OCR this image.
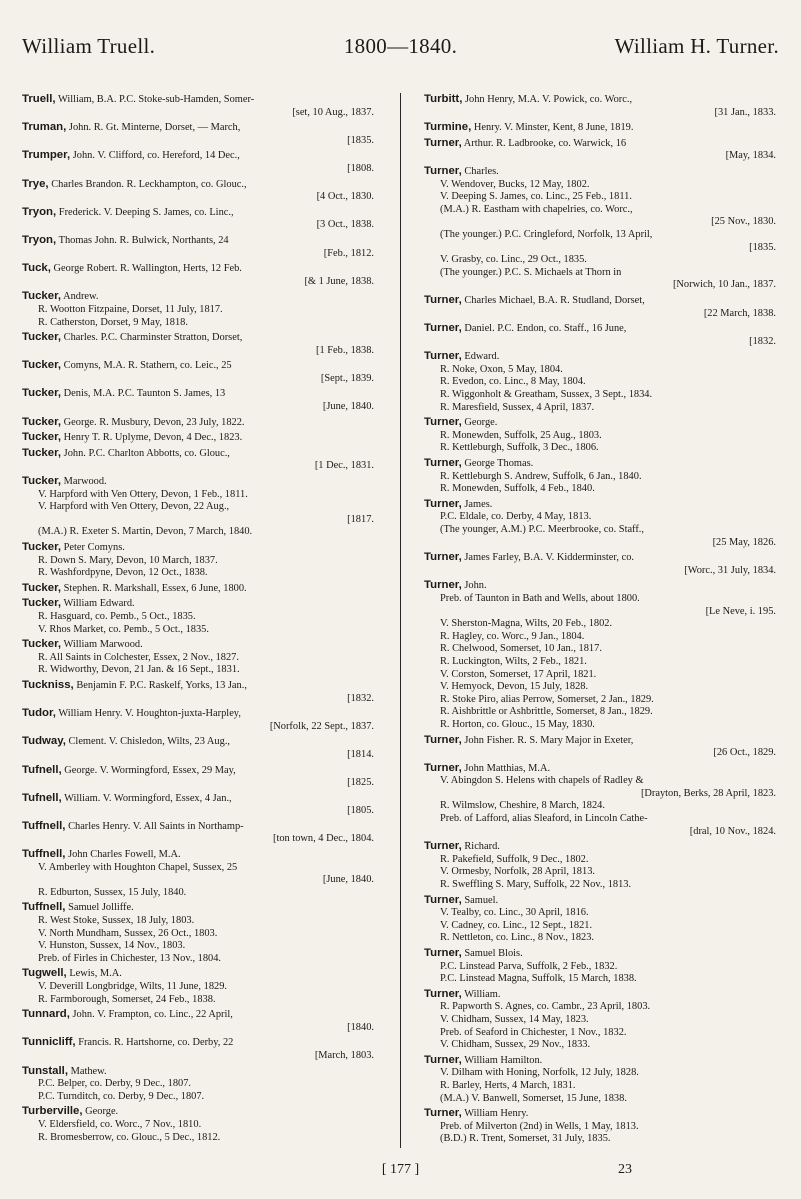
William Truell.	1800—1840.	William H. Turner.
Truell, William, B.A. P.C. Stoke-sub-Hamden, Somer-
[set, 10 Aug., 1837.
Truman, John. R. Gt. Minterne, Dorset, — March,
[1835.
Trumper, John. V. Clifford, co. Hereford, 14 Dec.,
[1808.
Trye, Charles Brandon. R. Leckhampton, co. Glouc.,
[4 Oct., 1830.
Tryon, Frederick. V. Deeping S. James, co. Linc.,
[3 Oct., 1838.
Tryon, Thomas John. R. Bulwick, Northants, 24
[Feb., 1812.
Tuck, George Robert. R. Wallington, Herts, 12 Feb.
[& 1 June, 1838.
Tucker, Andrew.
R. Wootton Fitzpaine, Dorset, 11 July, 1817.
R. Catherston, Dorset, 9 May, 1818.
Tucker, Charles. P.C. Charminster Stratton, Dorset,
[1 Feb., 1838.
Tucker, Comyns, M.A. R. Stathern, co. Leic., 25
[Sept., 1839.
Tucker, Denis, M.A. P.C. Taunton S. James, 13
[June, 1840.
Tucker, George. R. Musbury, Devon, 23 July, 1822.
Tucker, Henry T. R. Uplyme, Devon, 4 Dec., 1823.
Tucker, John. P.C. Charlton Abbotts, co. Glouc.,
[1 Dec., 1831.
Tucker, Marwood.
V. Harpford with Ven Ottery, Devon, 1 Feb., 1811.
V. Harpford with Ven Ottery, Devon, 22 Aug.,
[1817.
(M.A.) R. Exeter S. Martin, Devon, 7 March, 1840.
Tucker, Peter Comyns.
R. Down S. Mary, Devon, 10 March, 1837.
R. Washfordpyne, Devon, 12 Oct., 1838.
Tucker, Stephen. R. Markshall, Essex, 6 June, 1800.
Tucker, William Edward.
R. Hasguard, co. Pemb., 5 Oct., 1835.
V. Rhos Market, co. Pemb., 5 Oct., 1835.
Tucker, William Marwood.
R. All Saints in Colchester, Essex, 2 Nov., 1827.
R. Widworthy, Devon, 21 Jan. & 16 Sept., 1831.
Tuckniss, Benjamin F. P.C. Raskelf, Yorks, 13 Jan.,
[1832.
Tudor, William Henry. V. Houghton-juxta-Harpley,
[Norfolk, 22 Sept., 1837.
Tudway, Clement. V. Chisledon, Wilts, 23 Aug.,
[1814.
Tufnell, George. V. Wormingford, Essex, 29 May,
[1825.
Tufnell, William. V. Wormingford, Essex, 4 Jan.,
[1805.
Tuffnell, Charles Henry. V. All Saints in Northamp-
[ton town, 4 Dec., 1804.
Tuffnell, John Charles Fowell, M.A.
V. Amberley with Houghton Chapel, Sussex, 25
[June, 1840.
R. Edburton, Sussex, 15 July, 1840.
Tuffnell, Samuel Jolliffe.
R. West Stoke, Sussex, 18 July, 1803.
V. North Mundham, Sussex, 26 Oct., 1803.
V. Hunston, Sussex, 14 Nov., 1803.
Preb. of Firles in Chichester, 13 Nov., 1804.
Tugwell, Lewis, M.A.
V. Deverill Longbridge, Wilts, 11 June, 1829.
R. Farmborough, Somerset, 24 Feb., 1838.
Tunnard, John. V. Frampton, co. Linc., 22 April,
[1840.
Tunnicliff, Francis. R. Hartshorne, co. Derby, 22
[March, 1803.
Tunstall, Mathew.
P.C. Belper, co. Derby, 9 Dec., 1807.
P.C. Turnditch, co. Derby, 9 Dec., 1807.
Turberville, George.
V. Eldersfield, co. Worc., 7 Nov., 1810.
R. Bromesberrow, co. Glouc., 5 Dec., 1812.
Turbitt, John Henry, M.A. V. Powick, co. Worc.,
[31 Jan., 1833.
Turmine, Henry. V. Minster, Kent, 8 June, 1819.
Turner, Arthur. R. Ladbrooke, co. Warwick, 16
[May, 1834.
Turner, Charles.
V. Wendover, Bucks, 12 May, 1802.
V. Deeping S. James, co. Linc., 25 Feb., 1811.
(M.A.) R. Eastham with chapelries, co. Worc.,
[25 Nov., 1830.
(The younger.) P.C. Cringleford, Norfolk, 13 April,
[1835.
V. Grasby, co. Linc., 29 Oct., 1835.
(The younger.) P.C. S. Michaels at Thorn in
[Norwich, 10 Jan., 1837.
Turner, Charles Michael, B.A. R. Studland, Dorset,
[22 March, 1838.
Turner, Daniel. P.C. Endon, co. Staff., 16 June,
[1832.
Turner, Edward.
R. Noke, Oxon, 5 May, 1804.
R. Evedon, co. Linc., 8 May, 1804.
R. Wiggonholt & Greatham, Sussex, 3 Sept., 1834.
R. Maresfield, Sussex, 4 April, 1837.
Turner, George.
R. Monewden, Suffolk, 25 Aug., 1803.
R. Kettleburgh, Suffolk, 3 Dec., 1806.
Turner, George Thomas.
R. Kettleburgh S. Andrew, Suffolk, 6 Jan., 1840.
R. Monewden, Suffolk, 4 Feb., 1840.
Turner, James.
P.C. Eldale, co. Derby, 4 May, 1813.
(The younger, A.M.) P.C. Meerbrooke, co. Staff.,
[25 May, 1826.
Turner, James Farley, B.A. V. Kidderminster, co.
[Worc., 31 July, 1834.
Turner, John.
Preb. of Taunton in Bath and Wells, about 1800.
[Le Neve, i. 195.
V. Sherston-Magna, Wilts, 20 Feb., 1802.
R. Hagley, co. Worc., 9 Jan., 1804.
R. Chelwood, Somerset, 10 Jan., 1817.
R. Luckington, Wilts, 2 Feb., 1821.
V. Corston, Somerset, 17 April, 1821.
V. Hemyock, Devon, 15 July, 1828.
R. Stoke Piro, alias Perrow, Somerset, 2 Jan., 1829.
R. Aishbrittle or Ashbrittle, Somerset, 8 Jan., 1829.
R. Horton, co. Glouc., 15 May, 1830.
Turner, John Fisher. R. S. Mary Major in Exeter,
[26 Oct., 1829.
Turner, John Matthias, M.A.
V. Abingdon S. Helens with chapels of Radley &
[Drayton, Berks, 28 April, 1823.
R. Wilmslow, Cheshire, 8 March, 1824.
Preb. of Lafford, alias Sleaford, in Lincoln Cathe-
[dral, 10 Nov., 1824.
Turner, Richard.
R. Pakefield, Suffolk, 9 Dec., 1802.
V. Ormesby, Norfolk, 28 April, 1813.
R. Sweffling S. Mary, Suffolk, 22 Nov., 1813.
Turner, Samuel.
V. Tealby, co. Linc., 30 April, 1816.
V. Cadney, co. Linc., 12 Sept., 1821.
R. Nettleton, co. Linc., 8 Nov., 1823.
Turner, Samuel Blois.
P.C. Linstead Parva, Suffolk, 2 Feb., 1832.
P.C. Linstead Magna, Suffolk, 15 March, 1838.
Turner, William.
R. Papworth S. Agnes, co. Cambr., 23 April, 1803.
V. Chidham, Sussex, 14 May, 1823.
Preb. of Seaford in Chichester, 1 Nov., 1832.
V. Chidham, Sussex, 29 Nov., 1833.
Turner, William Hamilton.
V. Dilham with Honing, Norfolk, 12 July, 1828.
R. Barley, Herts, 4 March, 1831.
(M.A.) V. Banwell, Somerset, 15 June, 1838.
Turner, William Henry.
Preb. of Milverton (2nd) in Wells, 1 May, 1813.
(B.D.) R. Trent, Somerset, 31 July, 1835.
[ 177 ]	23
